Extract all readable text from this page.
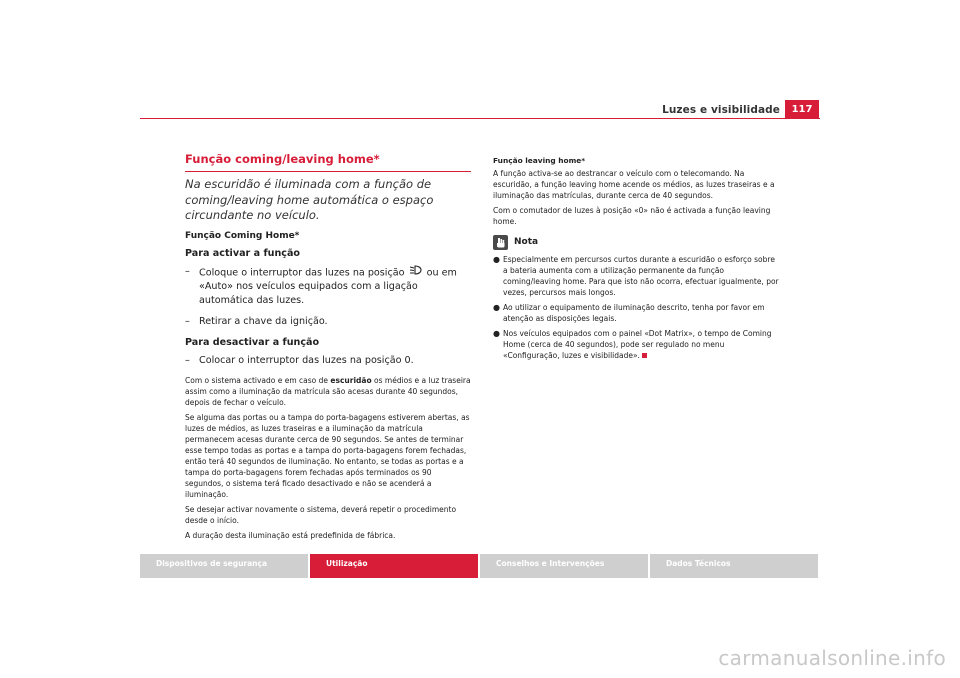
Luzes e visibilidade	117
Função coming/leaving home*
Na escuridão é iluminada com a função de coming/leaving home automática o espaço circundante no veículo.
Função Coming Home*

Para activar a função

– Coloque o interruptor das luzes na posição ou em «Auto» nos veículos equipados com a ligação automática das luzes.
– Retirar a chave da ignição.

Para desactivar a função

– Colocar o interruptor das luzes na posição 0.

Com o sistema activado e em caso de escuridão os médios e a luz traseira assim como a iluminação da matrícula são acesas durante 40 segundos, depois de fechar o veículo.

Se alguma das portas ou a tampa do porta-bagagens estiverem abertas, as luzes de médios, as luzes traseiras e a iluminação da matrícula permanecem acesas durante cerca de 90 segundos. Se antes de terminar esse tempo todas as portas e a tampa do porta-bagagens forem fechadas, então terá 40 segundos de iluminação. No entanto, se todas as portas e a tampa do porta-bagagens forem fechadas após terminados os 90 segundos, o sistema terá ficado desactivado e não se acenderá a iluminação.

Se desejar activar novamente o sistema, deverá repetir o procedimento desde o início.

A duração desta iluminação está predefinida de fábrica.

Função leaving home*

A função activa-se ao destrancar o veículo com o telecomando. Na escuridão, a função leaving home acende os médios, as luzes traseiras e a iluminação das matrículas, durante cerca de 40 segundos.

Com o comutador de luzes à posição «0» não é activada a função leaving home.

Nota
● Especialmente em percursos curtos durante a escuridão o esforço sobre a bateria aumenta com a utilização permanente da função coming/leaving home. Para que isto não ocorra, efectuar igualmente, por vezes, percursos mais longos.
● Ao utilizar o equipamento de iluminação descrito, tenha por favor em atenção as disposições legais.
● Nos veículos equipados com o painel «Dot Matrix», o tempo de Coming Home (cerca de 40 segundos), pode ser regulado no menu «Configuração, luzes e visibilidade».
Dispositivos de segurança	Utilização	Conselhos e Intervenções	Dados Técnicos
carmanualsonline.info
